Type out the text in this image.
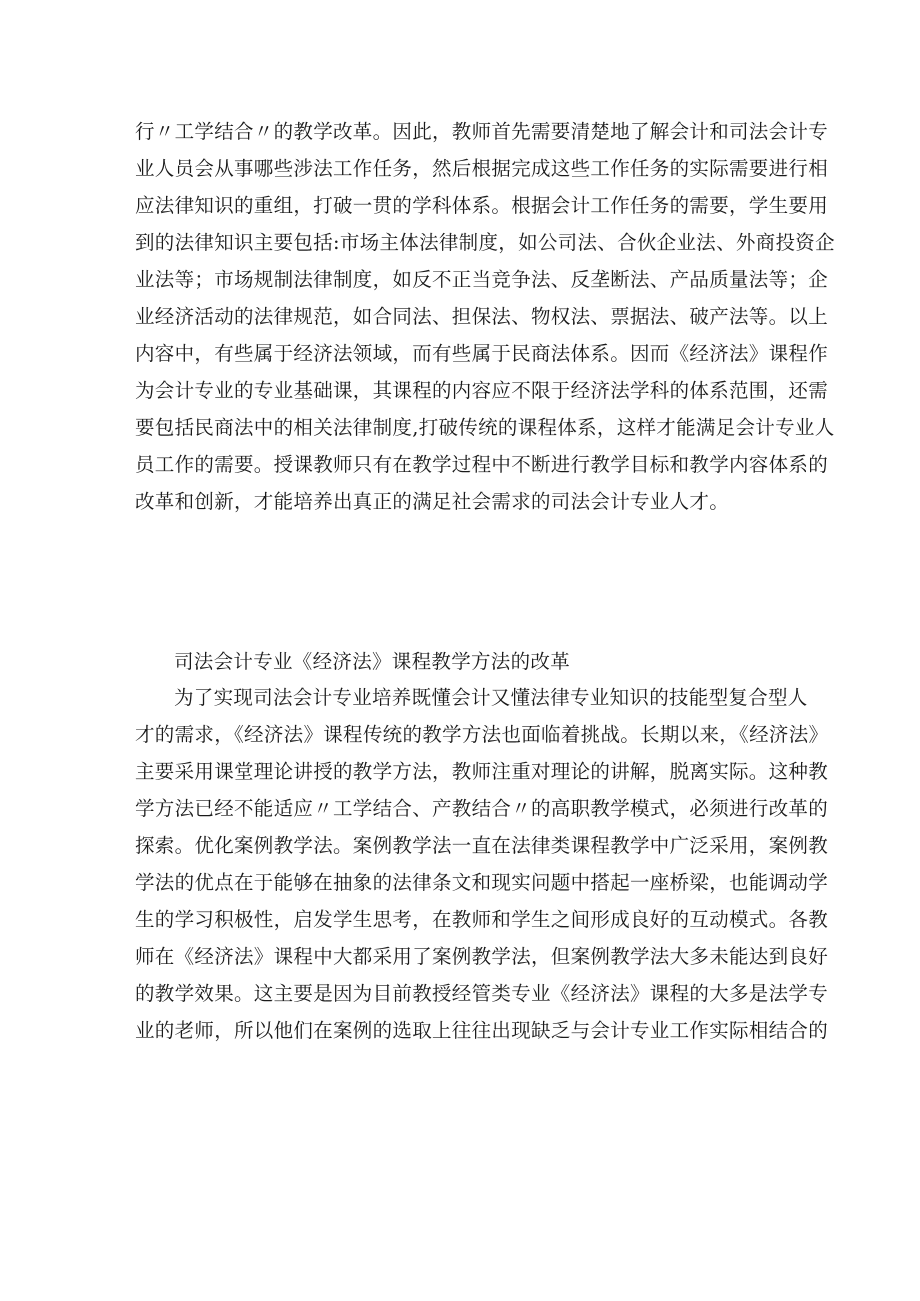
行〃工学结合〃的教学改革。因此，教师首先需要清楚地了解会计和司法会计专
业人员会从事哪些涉法工作任务，然后根据完成这些工作任务的实际需要进行相
应法律知识的重组，打破一贯的学科体系。根据会计工作任务的需要，学生要用
到的法律知识主要包括:市场主体法律制度，如公司法、合伙企业法、外商投资企
业法等；市场规制法律制度，如反不正当竞争法、反垄断法、产品质量法等；企
业经济活动的法律规范，如合同法、担保法、物权法、票据法、破产法等。以上
内容中，有些属于经济法领域，而有些属于民商法体系。因而《经济法》课程作
为会计专业的专业基础课，其课程的内容应不限于经济法学科的体系范围，还需
要包括民商法中的相关法律制度,打破传统的课程体系，这样才能满足会计专业人
员工作的需要。授课教师只有在教学过程中不断进行教学目标和教学内容体系的
改革和创新，才能培养出真正的满足社会需求的司法会计专业人才。
司法会计专业《经济法》课程教学方法的改革
为了实现司法会计专业培养既懂会计又懂法律专业知识的技能型复合型人
才的需求，《经济法》课程传统的教学方法也面临着挑战。长期以来，《经济法》
主要采用课堂理论讲授的教学方法，教师注重对理论的讲解，脱离实际。这种教
学方法已经不能适应〃工学结合、产教结合〃的高职教学模式，必须进行改革的
探索。优化案例教学法。案例教学法一直在法律类课程教学中广泛采用，案例教
学法的优点在于能够在抽象的法律条文和现实问题中搭起一座桥梁，也能调动学
生的学习积极性，启发学生思考，在教师和学生之间形成良好的互动模式。各教
师在《经济法》课程中大都采用了案例教学法，但案例教学法大多未能达到良好
的教学效果。这主要是因为目前教授经管类专业《经济法》课程的大多是法学专
业的老师，所以他们在案例的选取上往往出现缺乏与会计专业工作实际相结合的
